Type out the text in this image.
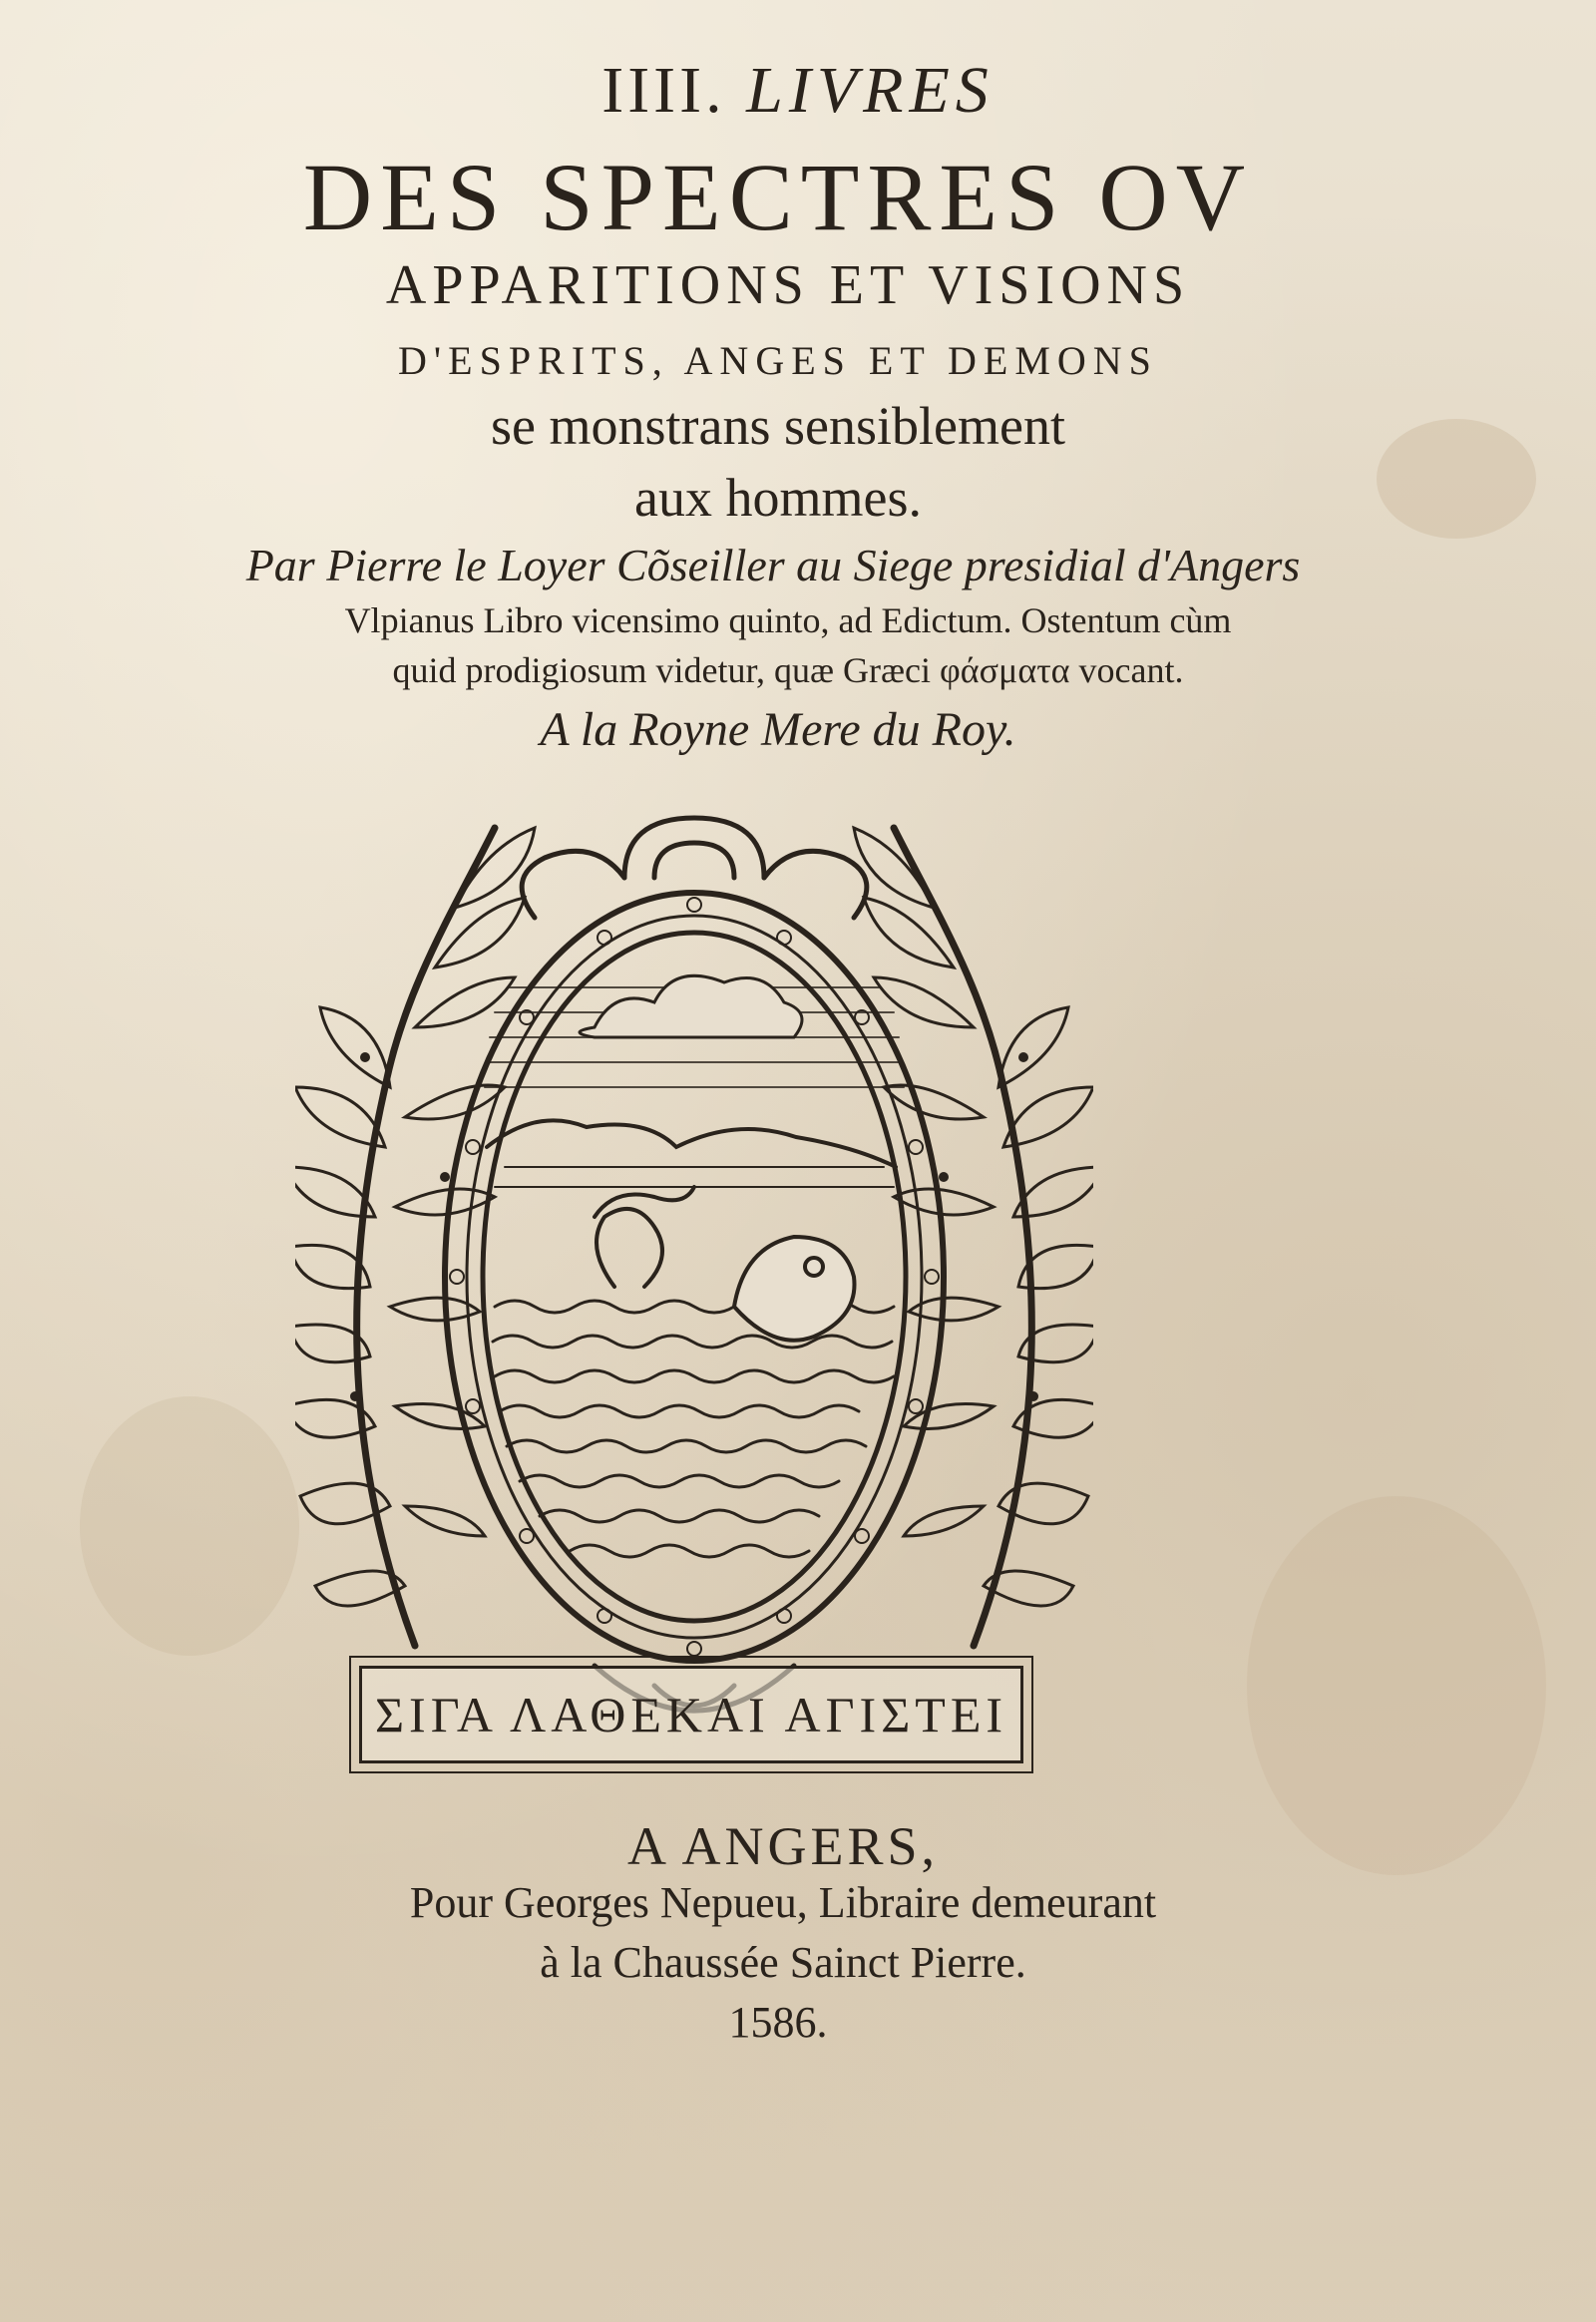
IIII. LIVRES
DES SPECTRES OV
APPARITIONS ET VISIONS
D'ESPRITS, ANGES ET DEMONS
se monstrans sensiblement
aux hommes.
Par Pierre le Loyer Cõseiller au Siege presidial d'Angers
Vlpianus Libro vicensimo quinto, ad Edictum. Ostentum cùm
quid prodigiosum videtur, quæ Græci φάσματα vocant.
A la Royne Mere du Roy.
ΣΙΓΑ ΛΑΘΕΚΑΙ ΑΓΙΣΤΕΙ
A ANGERS,
Pour Georges Nepueu, Libraire demeurant
à la Chaussée Sainct Pierre.
1586.
